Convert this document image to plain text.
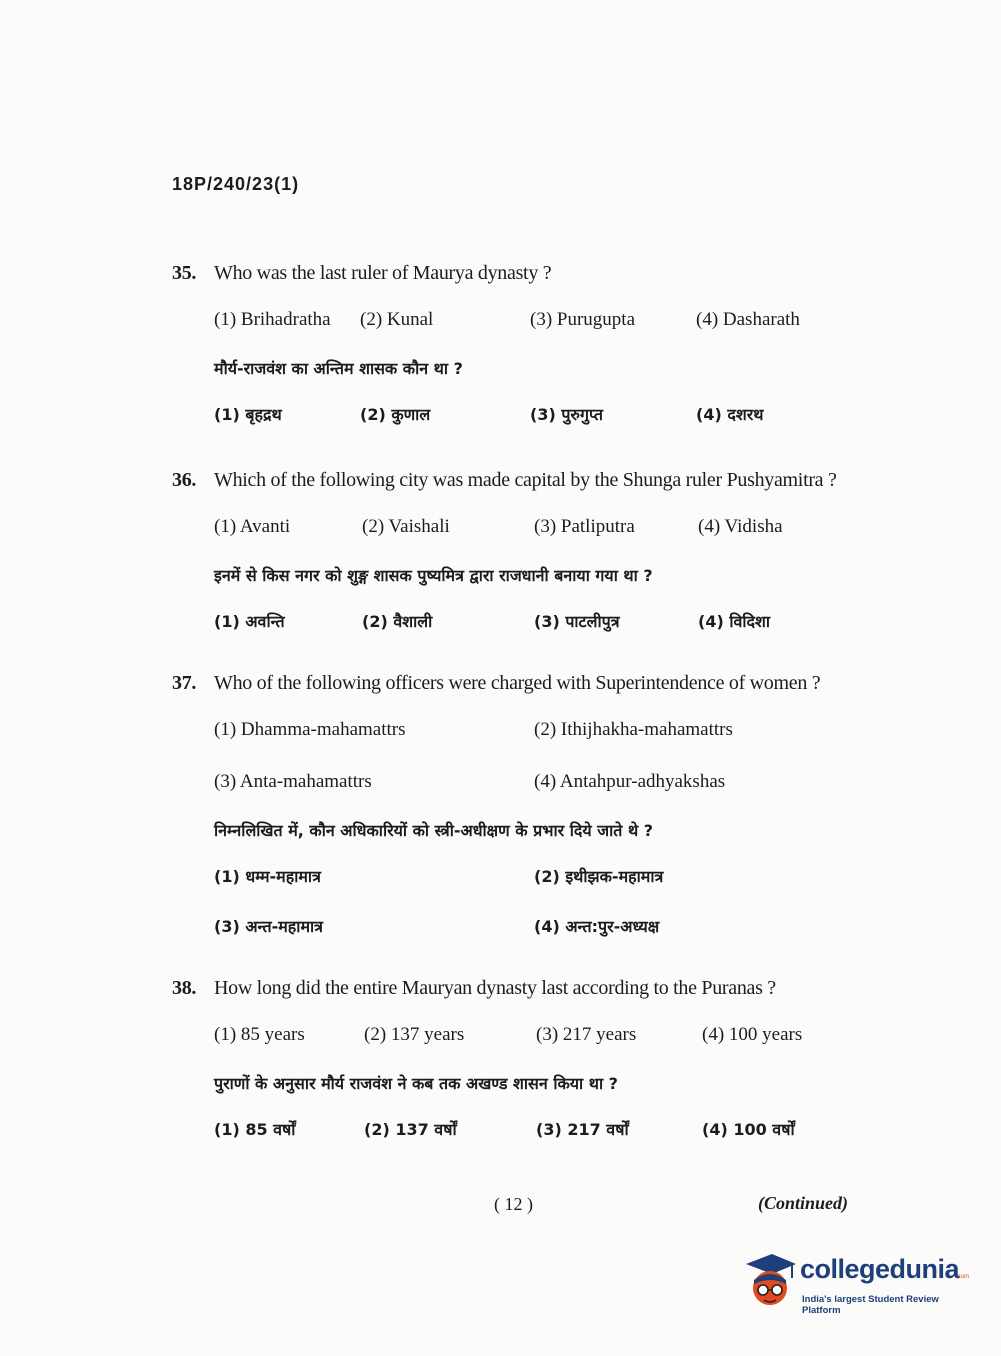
18P/240/23(1)
35. Who was the last ruler of Maurya dynasty ?
(1) Brihadratha (2) Kunal	(3) Purugupta	(4) Dasharath
मौर्य-राजवंश का अन्तिम शासक कौन था ?
(1) बृहद्रथ	(2) कुणाल	(3) पुरुगुप्त	(4) दशरथ
36. Which of the following city was made capital by the Shunga ruler Pushyamitra ?
(1) Avanti	(2) Vaishali	(3) Patliputra	(4) Vidisha
इनमें से किस नगर को शुङ्ग शासक पुष्यमित्र द्वारा राजधानी बनाया गया था ?
(1) अवन्ति	(2) वैशाली	(3) पाटलीपुत्र	(4) विदिशा
37. Who of the following officers were charged with Superintendence of women ?
(1) Dhamma-mahamattrs	(2) Ithijhakha-mahamattrs
(3) Anta-mahamattrs	(4) Antahpur-adhyakshas
निम्नलिखित में, कौन अधिकारियों को स्त्री-अधीक्षण के प्रभार दिये जाते थे ?
(1) धम्म-महामात्र	(2) इथीझक-महामात्र
(3) अन्त-महामात्र	(4) अन्त:पुर-अध्यक्ष
38. How long did the entire Mauryan dynasty last according to the Puranas ?
(1) 85 years	(2) 137 years	(3) 217 years	(4) 100 years
पुराणों के अनुसार मौर्य राजवंश ने कब तक अखण्ड शासन किया था ?
(1) 85 वर्षों	(2) 137 वर्षों	(3) 217 वर्षों	(4) 100 वर्षों
( 12 )	(Continued)
collegedunia
.com
India's largest Student Review Platform
